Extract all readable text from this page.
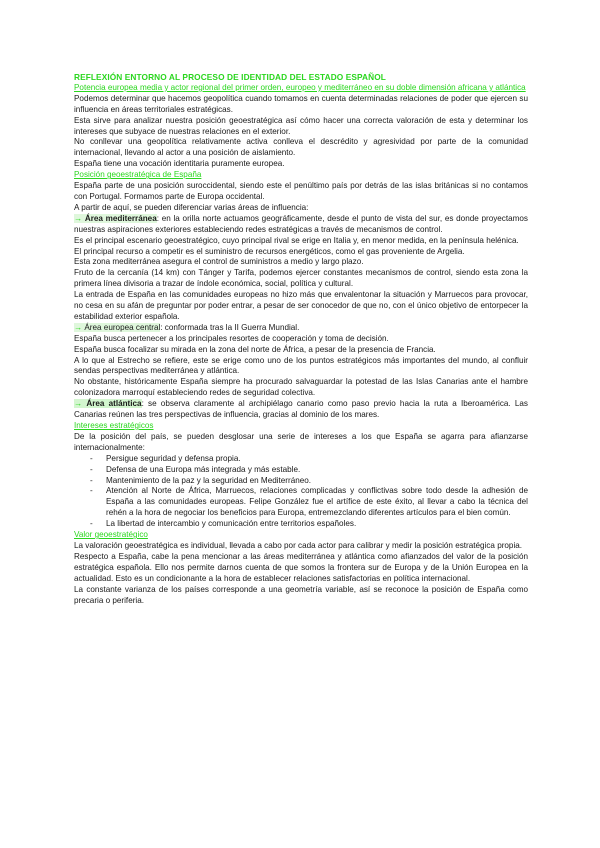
REFLEXIÓN ENTORNO AL PROCESO DE IDENTIDAD DEL ESTADO ESPAÑOL
Potencia europea media y actor regional del primer orden, europeo y mediterráneo en su doble dimensión africana y atlántica

Podemos determinar que hacemos geopolítica cuando tomamos en cuenta determinadas relaciones de poder que ejercen su influencia en áreas territoriales estratégicas.

Esta sirve para analizar nuestra posición geoestratégica así cómo hacer una correcta valoración de esta y determinar los intereses que subyace de nuestras relaciones en el exterior.

No conllevar una geopolítica relativamente activa conlleva el descrédito y agresividad por parte de la comunidad internacional, llevando al actor a una posición de aislamiento.

España tiene una vocación identitaria puramente europea.

Posición geoestratégica de España

España parte de una posición suroccidental, siendo este el penúltimo país por detrás de las islas británicas si no contamos con Portugal. Formamos parte de Europa occidental.

A partir de aquí, se pueden diferenciar varias áreas de influencia:

→ Área mediterránea: en la orilla norte actuamos geográficamente, desde el punto de vista del sur, es donde proyectamos nuestras aspiraciones exteriores estableciendo redes estratégicas a través de mecanismos de control.

Es el principal escenario geoestratégico, cuyo principal rival se erige en Italia y, en menor medida, en la península helénica.

El principal recurso a competir es el suministro de recursos energéticos, como el gas proveniente de Argelia.

Esta zona mediterránea asegura el control de suministros a medio y largo plazo.

Fruto de la cercanía (14 km) con Tánger y Tarifa, podemos ejercer constantes mecanismos de control, siendo esta zona la primera línea divisoria a trazar de índole económica, social, política y cultural.

La entrada de España en las comunidades europeas no hizo más que envalentonar la situación y Marruecos para provocar, no cesa en su afán de preguntar por poder entrar, a pesar de ser conocedor de que no, con el único objetivo de entorpecer la estabilidad exterior española.

→ Área europea central: conformada tras la II Guerra Mundial.

España busca pertenecer a los principales resortes de cooperación y toma de decisión.

España busca focalizar su mirada en la zona del norte de África, a pesar de la presencia de Francia.

A lo que al Estrecho se refiere, este se erige como uno de los puntos estratégicos más importantes del mundo, al confluir sendas perspectivas mediterránea y atlántica.

No obstante, históricamente España siempre ha procurado salvaguardar la potestad de las Islas Canarias ante el hambre colonizadora marroquí estableciendo redes de seguridad colectiva.

→ Área atlántica: se observa claramente al archipiélago canario como paso previo hacia la ruta a Iberoamérica. Las Canarias reúnen las tres perspectivas de influencia, gracias al dominio de los mares.

Intereses estratégicos

De la posición del país, se pueden desglosar una serie de intereses a los que España se agarra para afianzarse internacionalmente:

- Persigue seguridad y defensa propia.
- Defensa de una Europa más integrada y más estable.
- Mantenimiento de la paz y la seguridad en Mediterráneo.
- Atención al Norte de África, Marruecos, relaciones complicadas y conflictivas sobre todo desde la adhesión de España a las comunidades europeas. Felipe González fue el artífice de este éxito, al llevar a cabo la técnica del rehén a la hora de negociar los beneficios para Europa, entremezclando diferentes artículos para el bien común.
- La libertad de intercambio y comunicación entre territorios españoles.
Valor geoestratégico

La valoración geoestratégica es individual, llevada a cabo por cada actor para calibrar y medir la posición estratégica propia.

Respecto a España, cabe la pena mencionar a las áreas mediterránea y atlántica como afianzados del valor de la posición estratégica española. Ello nos permite darnos cuenta de que somos la frontera sur de Europa y de la Unión Europea en la actualidad. Esto es un condicionante a la hora de establecer relaciones satisfactorias en política internacional.

La constante varianza de los países corresponde a una geometría variable, así se reconoce la posición de España como precaria o periferia.
